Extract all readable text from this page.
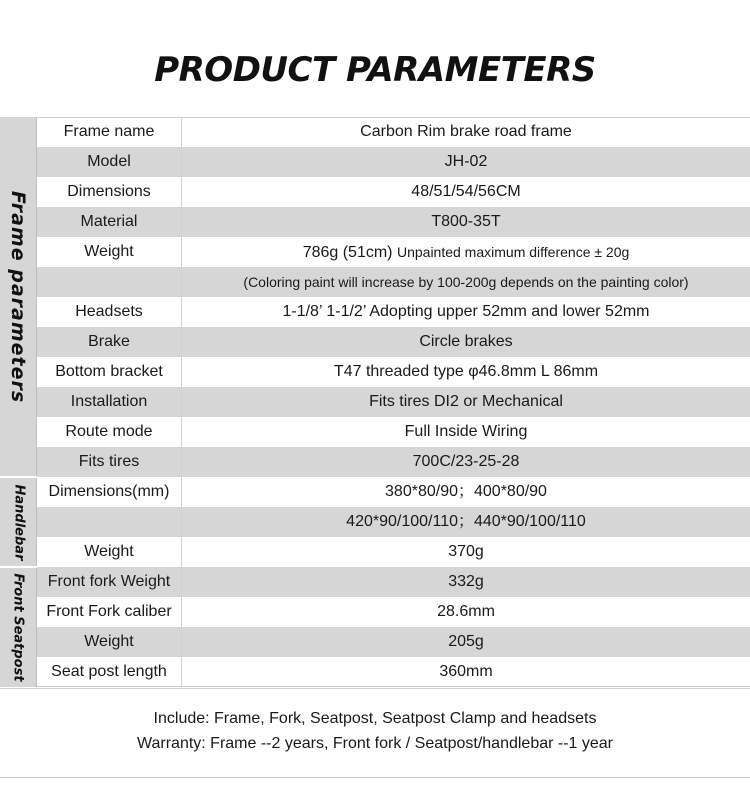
PRODUCT PARAMETERS
Frame parameters
Handlebar
Front Seatpost
Frame name	Carbon Rim brake road frame
Model	JH-02
Dimensions	48/51/54/56CM
Material	T800-35T
Weight	786g (51cm) Unpainted maximum difference ± 20g
(Coloring paint will increase by 100-200g depends on the painting color)
Headsets	1-1/8’ 1-1/2’ Adopting upper 52mm and lower 52mm
Brake	Circle brakes
Bottom bracket	T47 threaded type φ46.8mm L 86mm
Installation	Fits tires DI2 or Mechanical
Route mode	Full Inside Wiring
Fits tires	700C/23-25-28
Dimensions(mm)	380*80/90；400*80/90
420*90/100/110；440*90/100/110
Weight	370g
Front fork Weight	332g
Front Fork caliber	28.6mm
Weight	205g
Seat post length	360mm
Include: Frame, Fork, Seatpost, Seatpost Clamp and headsets
Warranty: Frame --2 years, Front fork / Seatpost/handlebar --1 year
